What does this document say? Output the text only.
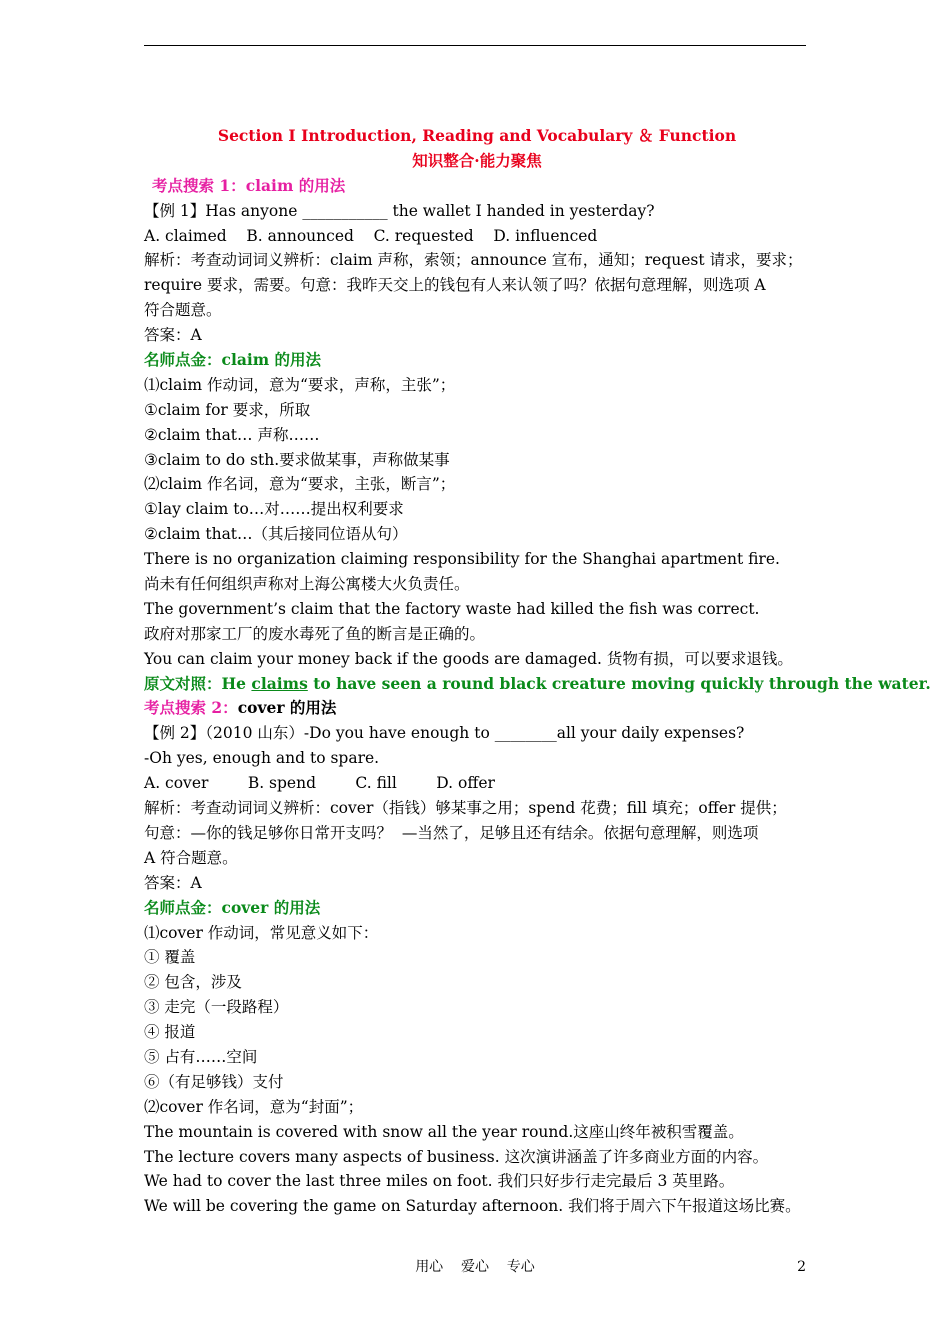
Section Ⅰ Introduction, Reading and Vocabulary ＆ Function
知识整合·能力聚焦
考点搜索 1：claim 的用法
【例 1】Has anyone ___________ the wallet I handed in yesterday?
A. claimed    B. announced    C. requested    D. influenced
解析：考查动词词义辨析：claim 声称，索领；announce 宣布，通知；request 请求，要求；
require 要求，需要。句意：我昨天交上的钱包有人来认领了吗？依据句意理解，则选项 A
符合题意。
答案：A
名师点金：claim 的用法
⑴claim 作动词，意为“要求，声称，主张”；
①claim for 要求，所取
②claim that… 声称……
③claim to do sth.要求做某事，声称做某事
⑵claim 作名词，意为“要求，主张，断言”；
①lay claim to…对……提出权利要求
②claim that…（其后接同位语从句）
There is no organization claiming responsibility for the Shanghai apartment fire.
尚未有任何组织声称对上海公寓楼大火负责任。
The government’s claim that the factory waste had killed the fish was correct.
政府对那家工厂的废水毒死了鱼的断言是正确的。
You can claim your money back if the goods are damaged. 货物有损，可以要求退钱。
原文对照：He claims to have seen a round black creature moving quickly through the water.
考点搜索 2：cover 的用法
【例 2】（2010 山东）-Do you have enough to ________all your daily expenses?
-Oh yes, enough and to spare.
A. cover        B. spend        C. fill        D. offer
解析：考查动词词义辨析：cover（指钱）够某事之用；spend 花费；fill 填充；offer 提供；
句意：—你的钱足够你日常开支吗？  —当然了，足够且还有结余。依据句意理解，则选项
A 符合题意。
答案：A
名师点金：cover 的用法
⑴cover 作动词，常见意义如下：
① 覆盖
② 包含，涉及
③ 走完（一段路程）
④ 报道
⑤ 占有……空间
⑥（有足够钱）支付
⑵cover 作名词，意为“封面”；
The mountain is covered with snow all the year round.这座山终年被积雪覆盖。
The lecture covers many aspects of business. 这次演讲涵盖了许多商业方面的内容。
We had to cover the last three miles on foot. 我们只好步行走完最后 3 英里路。
We will be covering the game on Saturday afternoon. 我们将于周六下午报道这场比赛。
用心    爱心    专心	2
